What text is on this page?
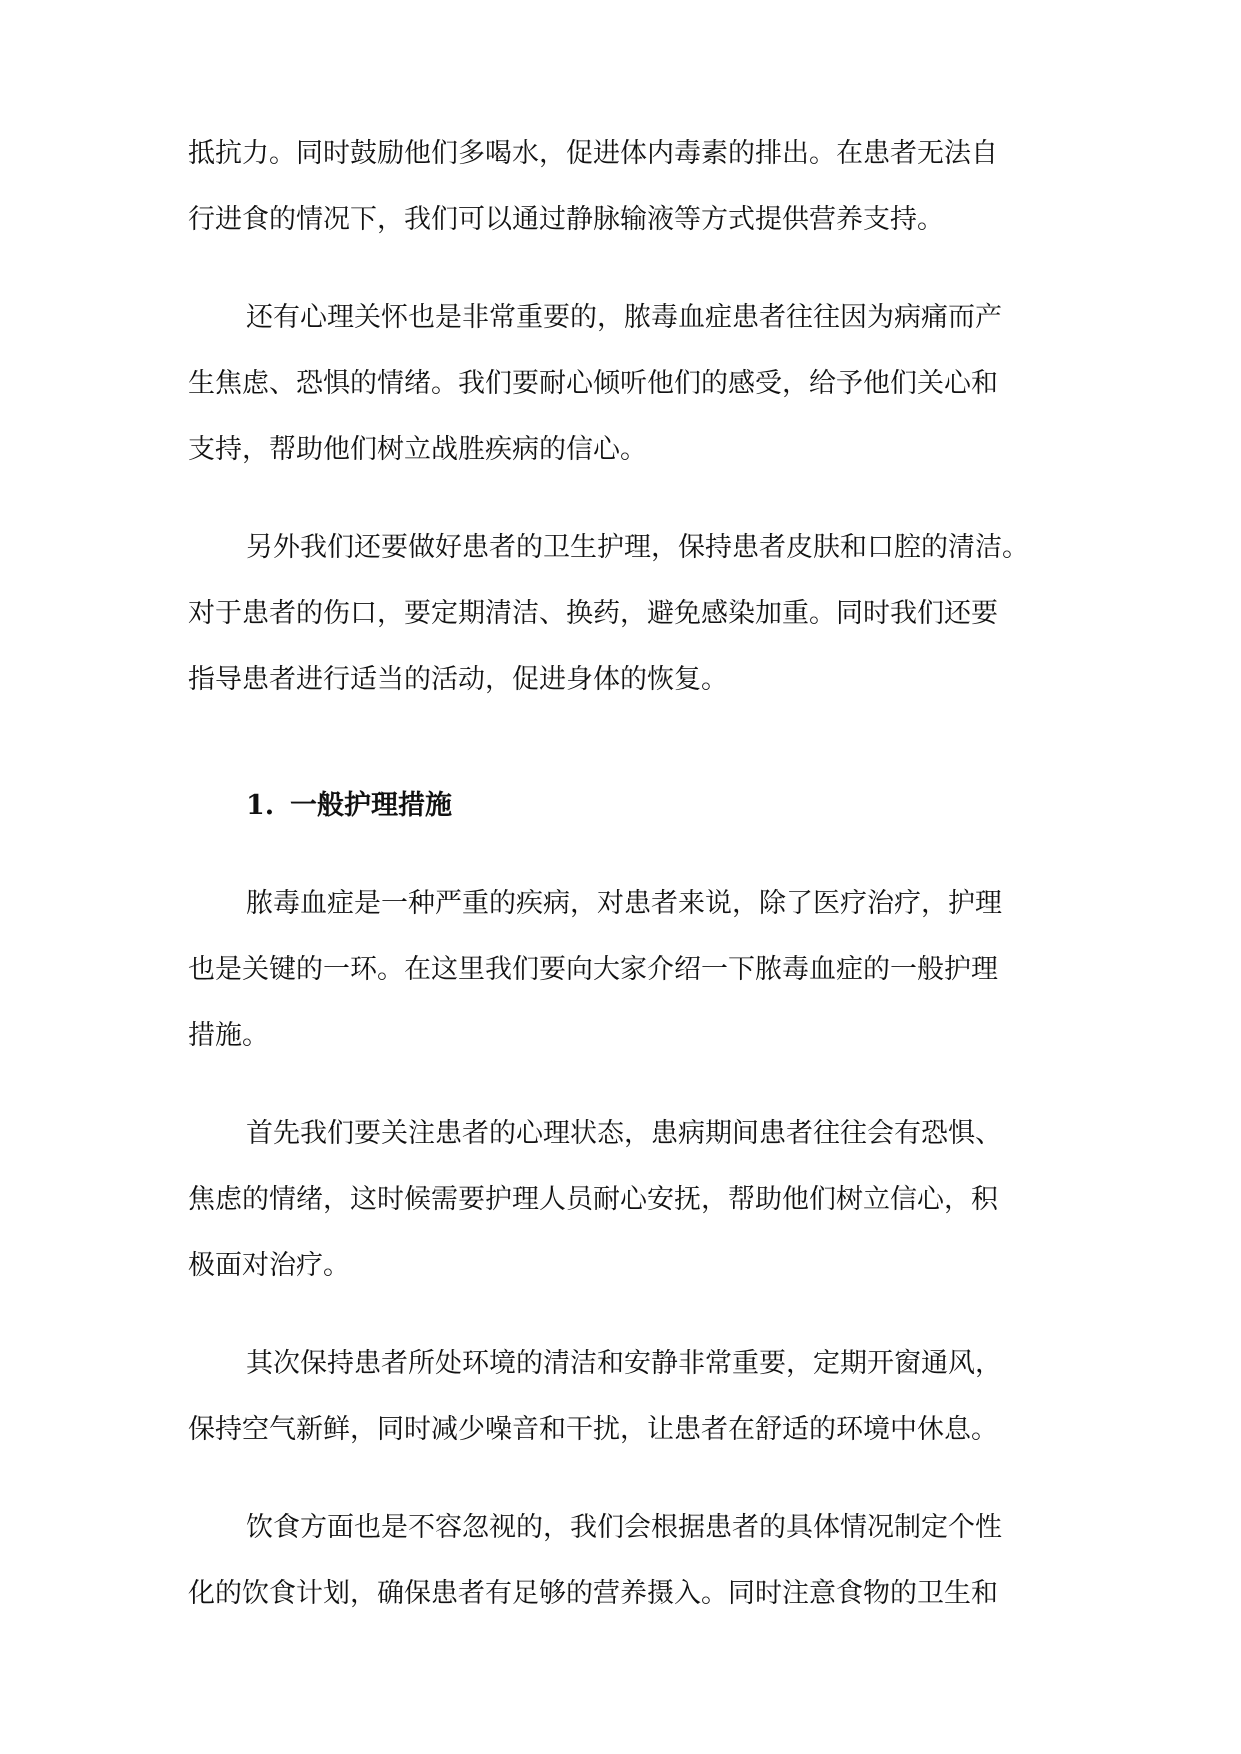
抵抗力。同时鼓励他们多喝水，促进体内毒素的排出。在患者无法自
行进食的情况下，我们可以通过静脉输液等方式提供营养支持。
还有心理关怀也是非常重要的，脓毒血症患者往往因为病痛而产
生焦虑、恐惧的情绪。我们要耐心倾听他们的感受，给予他们关心和
支持，帮助他们树立战胜疾病的信心。
另外我们还要做好患者的卫生护理，保持患者皮肤和口腔的清洁。
对于患者的伤口，要定期清洁、换药，避免感染加重。同时我们还要
指导患者进行适当的活动，促进身体的恢复。
1. 一般护理措施
脓毒血症是一种严重的疾病，对患者来说，除了医疗治疗，护理
也是关键的一环。在这里我们要向大家介绍一下脓毒血症的一般护理
措施。
首先我们要关注患者的心理状态，患病期间患者往往会有恐惧、
焦虑的情绪，这时候需要护理人员耐心安抚，帮助他们树立信心，积
极面对治疗。
其次保持患者所处环境的清洁和安静非常重要，定期开窗通风，
保持空气新鲜，同时减少噪音和干扰，让患者在舒适的环境中休息。
饮食方面也是不容忽视的，我们会根据患者的具体情况制定个性
化的饮食计划，确保患者有足够的营养摄入。同时注意食物的卫生和
